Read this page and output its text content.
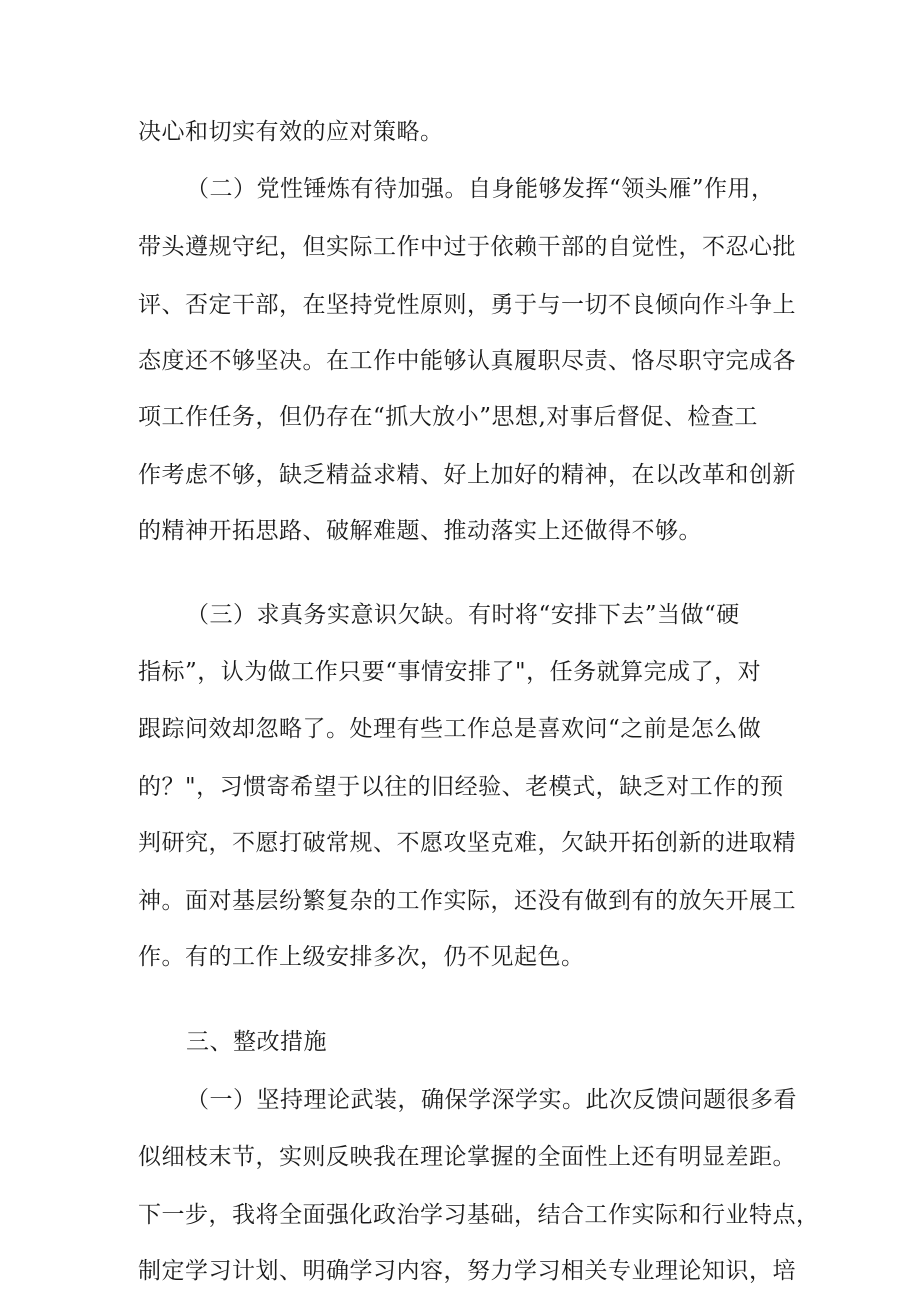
决心和切实有效的应对策略。

（二）党性锤炼有待加强。自身能够发挥“领头雁”作用，

带头遵规守纪，但实际工作中过于依赖干部的自觉性，不忍心批

评、否定干部，在坚持党性原则，勇于与一切不良倾向作斗争上

态度还不够坚决。在工作中能够认真履职尽责、恪尽职守完成各

项工作任务，但仍存在“抓大放小”思想,对事后督促、检查工

作考虑不够，缺乏精益求精、好上加好的精神，在以改革和创新

的精神开拓思路、破解难题、推动落实上还做得不够。

（三）求真务实意识欠缺。有时将“安排下去”当做“硬

指标”，认为做工作只要“事情安排了"，任务就算完成了，对

跟踪问效却忽略了。处理有些工作总是喜欢问“之前是怎么做

的？"，习惯寄希望于以往的旧经验、老模式，缺乏对工作的预

判研究，不愿打破常规、不愿攻坚克难，欠缺开拓创新的进取精

神。面对基层纷繁复杂的工作实际，还没有做到有的放矢开展工

作。有的工作上级安排多次，仍不见起色。

三、整改措施

（一）坚持理论武装，确保学深学实。此次反馈问题很多看

似细枝末节，实则反映我在理论掌握的全面性上还有明显差距。

下一步，我将全面强化政治学习基础，结合工作实际和行业特点，

制定学习计划、明确学习内容，努力学习相关专业理论知识，培
